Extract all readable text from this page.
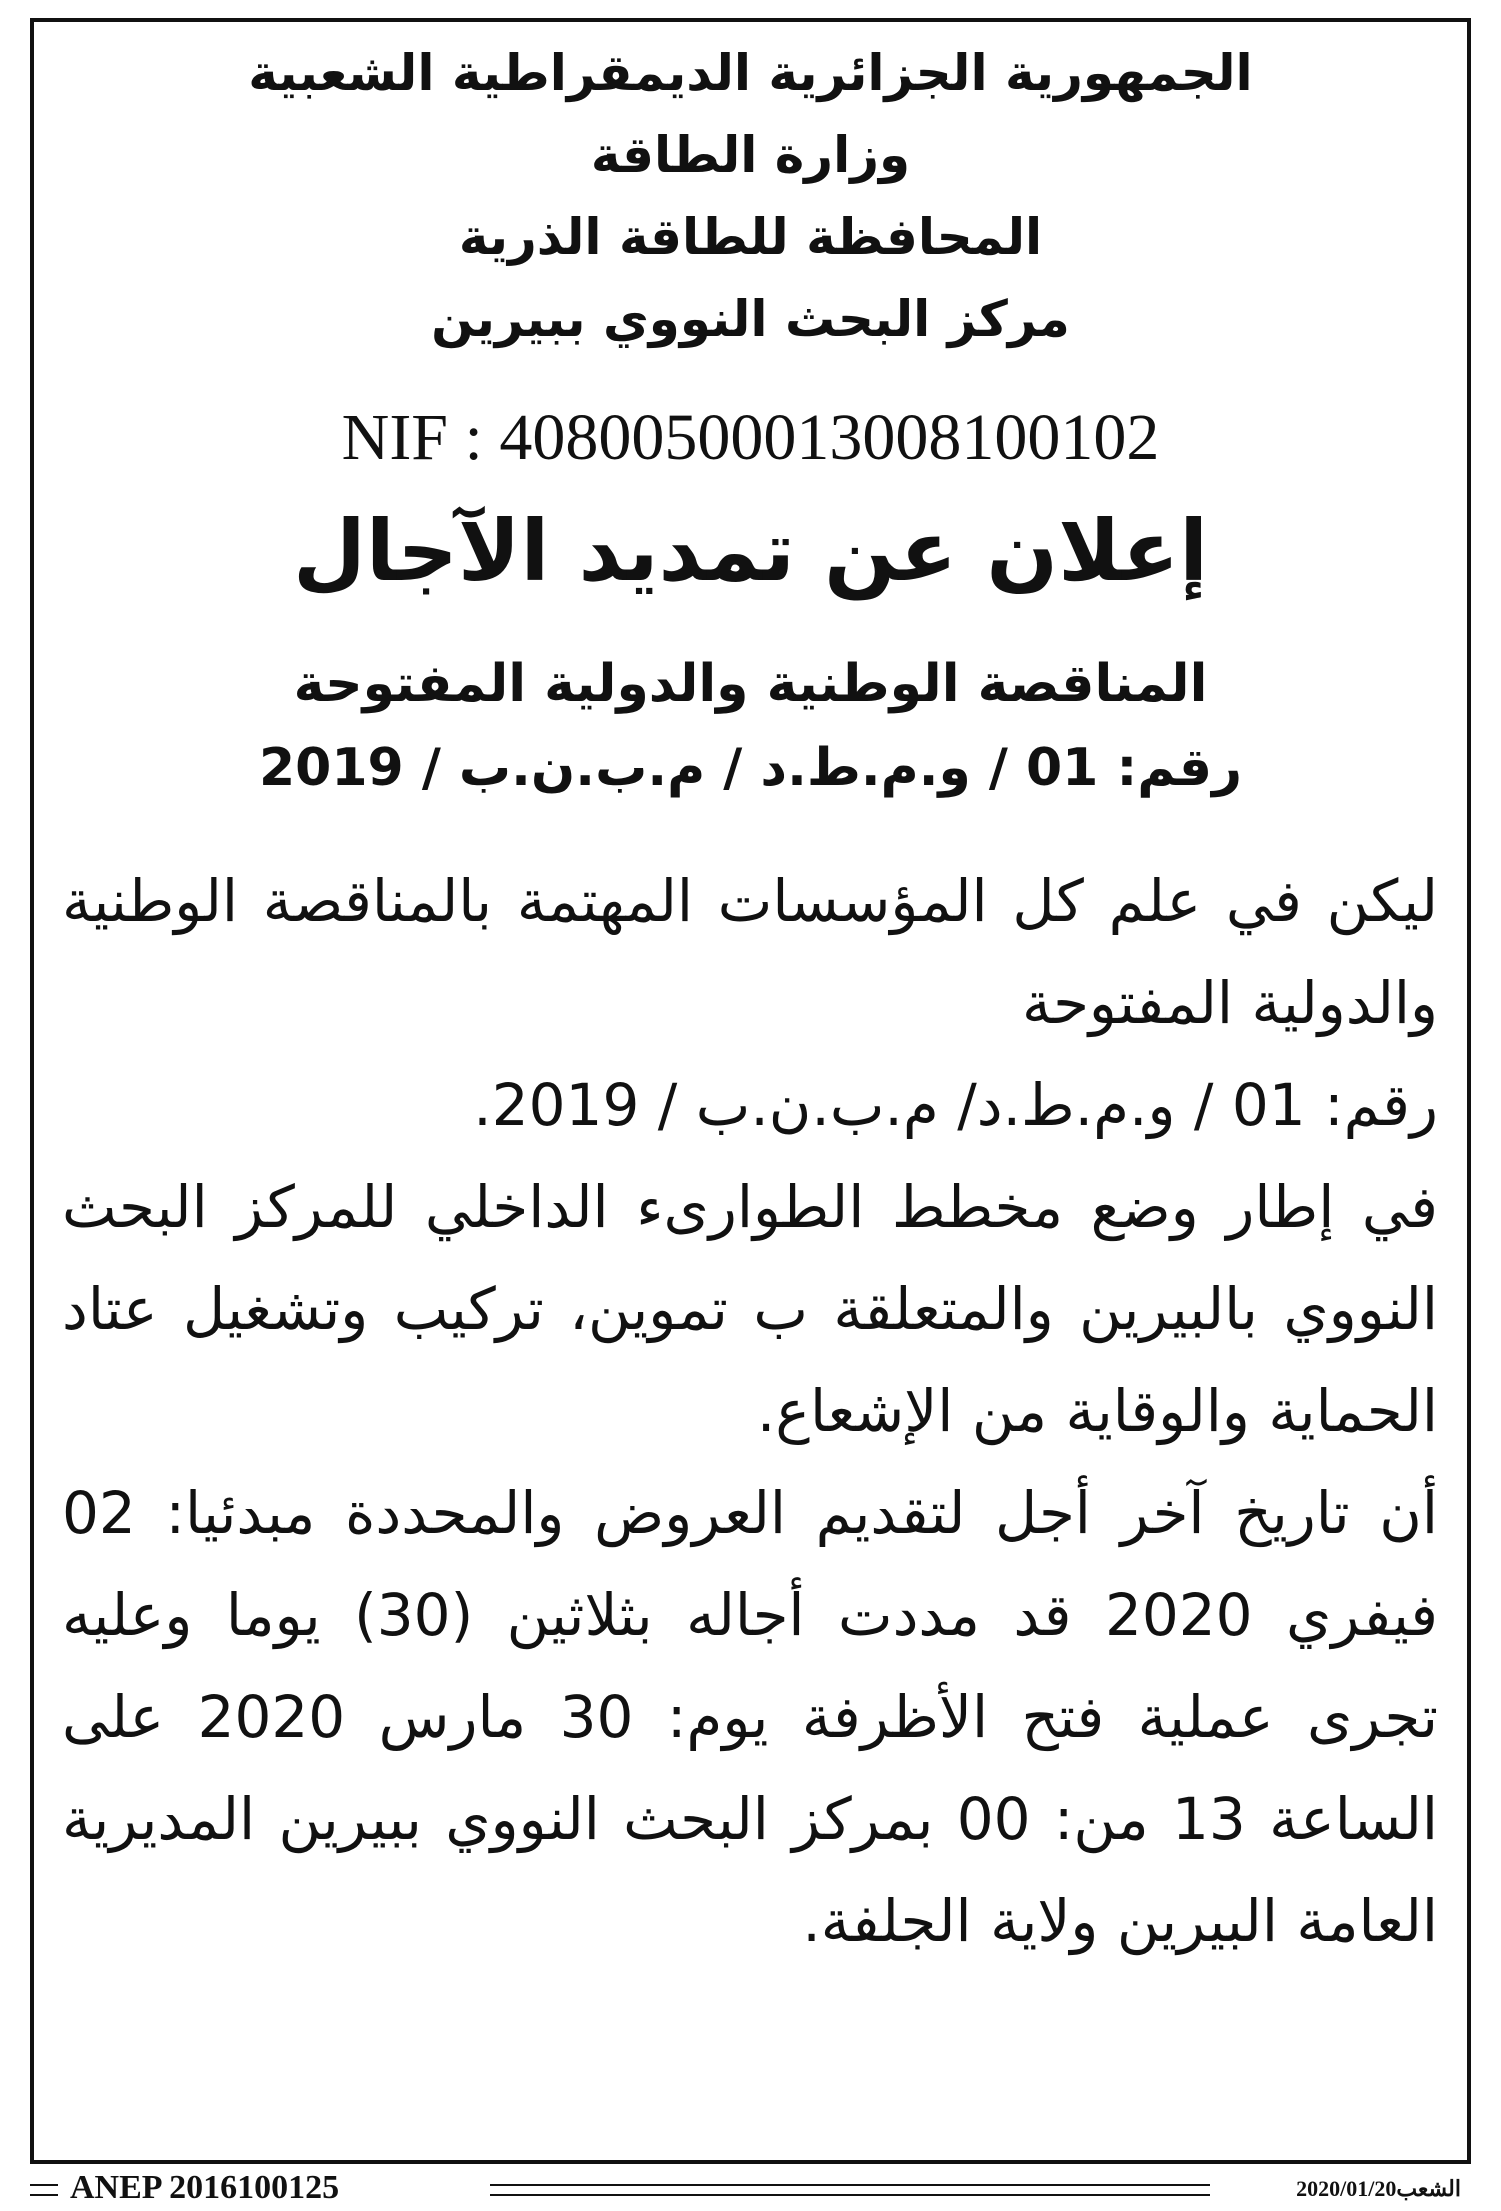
الجمهورية الجزائرية الديمقراطية الشعبية
وزارة الطاقة
المحافظة للطاقة الذرية
مركز البحث النووي ببيرين
NIF : 408005000130081​00102
إعلان عن تمديد الآجال
المناقصة الوطنية والدولية المفتوحة
رقم: 01 / و.م.ط.د / م.ب.ن.ب / 2019

ليكن في علم كل المؤسسات المهتمة بالمناقصة الوطنية والدولية المفتوحة

رقم: 01 / و.م.ط.د/ م.ب.ن.ب / 2019.

في إطار وضع مخطط الطوارىء الداخلي للمركز البحث النووي بالبيرين والمتعلقة ب تموين، تركيب وتشغيل عتاد الحماية والوقاية من الإشعاع.

أن تاريخ آخر أجل لتقديم العروض والمحددة مبدئيا: 02 فيفري 2020 قد مددت أجاله بثلاثين (30) يوما وعليه تجرى عملية فتح الأظرفة يوم: 30 مارس 2020 على الساعة 13 من: 00 بمركز البحث النووي ببيرين المديرية العامة البيرين ولاية الجلفة.

ANEP 2016100125	الشعب2020/01/20
